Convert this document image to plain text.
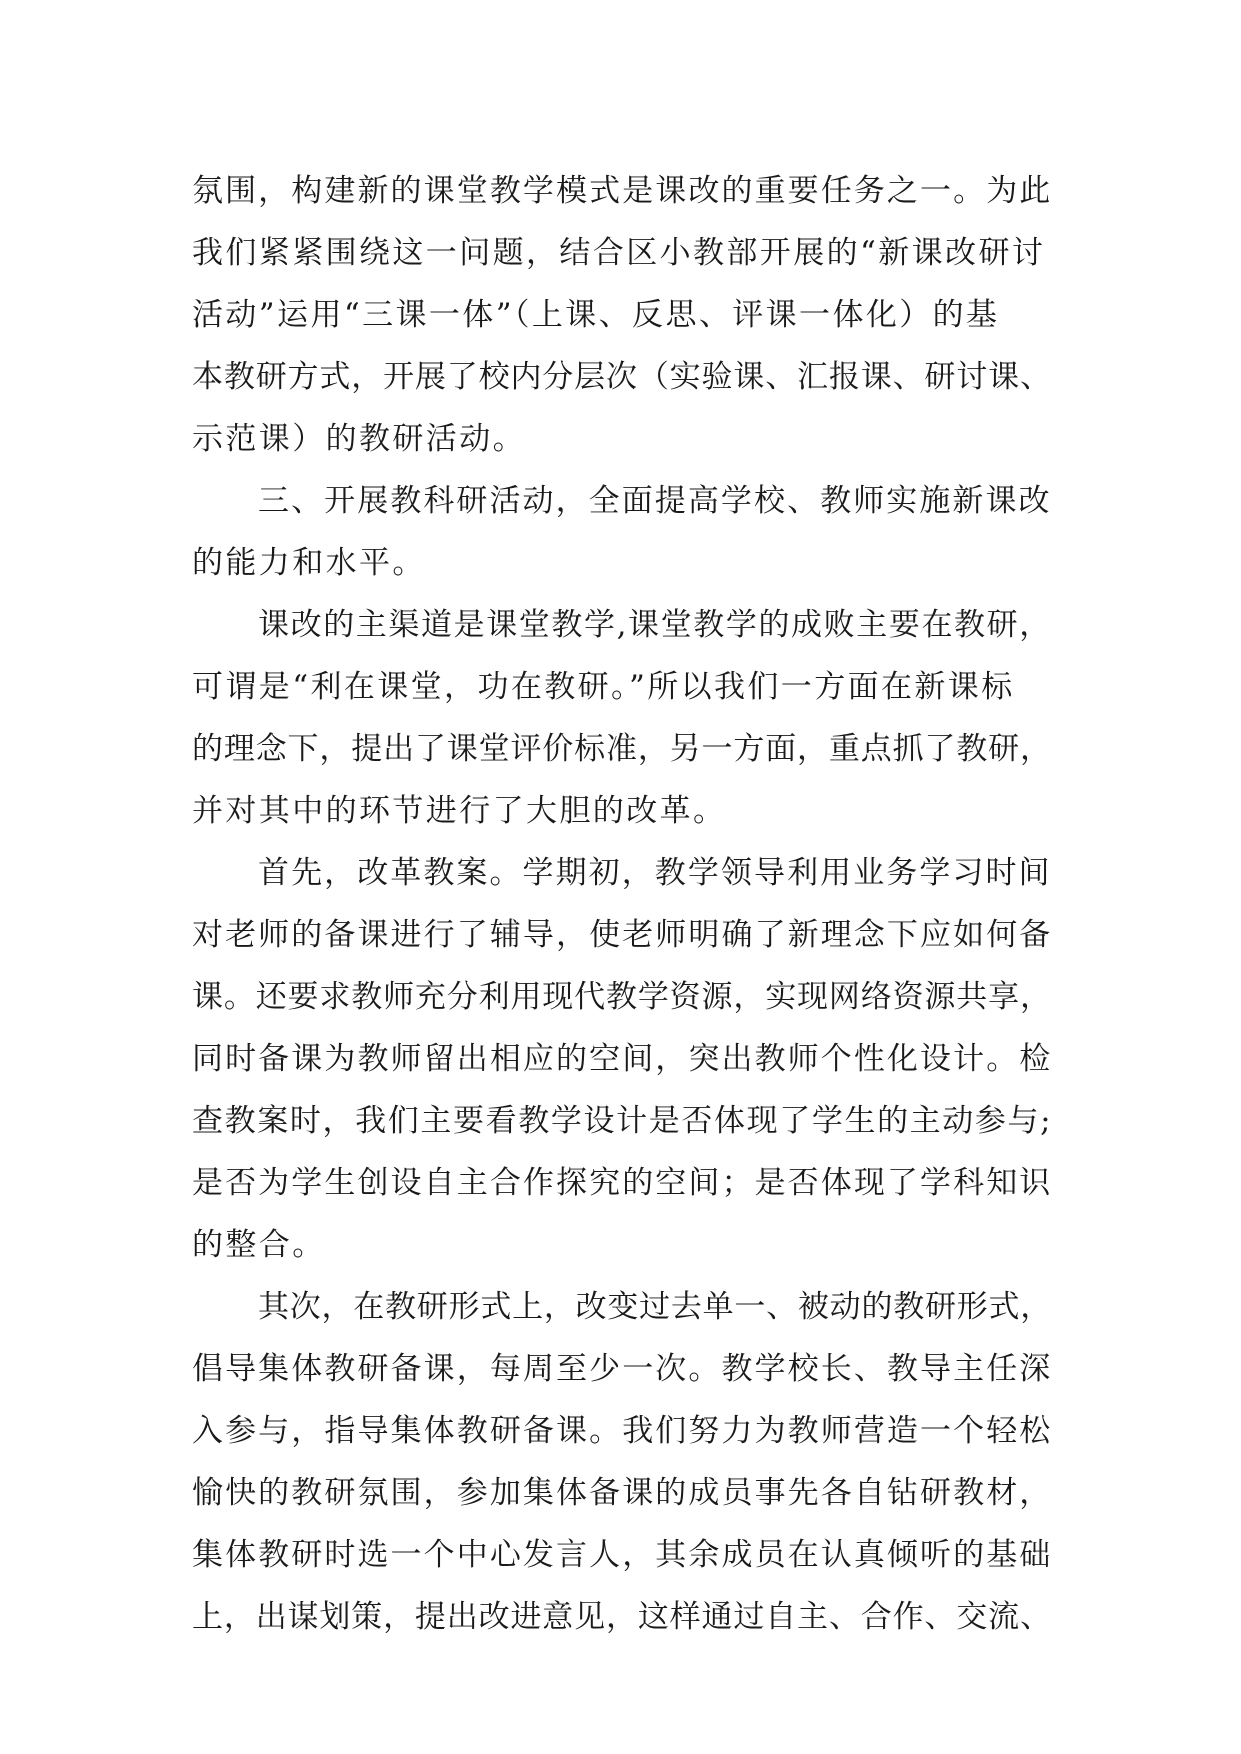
氛围，构建新的课堂教学模式是课改的重要任务之一。为此
我们紧紧围绕这一问题，结合区小教部开展的“新课改研讨
活动”运用“三课一体”（上课、反思、评课一体化）的基
本教研方式，开展了校内分层次（实验课、汇报课、研讨课、
示范课）的教研活动。
三、开展教科研活动，全面提高学校、教师实施新课改
的能力和水平。
课改的主渠道是课堂教学,课堂教学的成败主要在教研，
可谓是“利在课堂，功在教研。”所以我们一方面在新课标
的理念下，提出了课堂评价标准，另一方面，重点抓了教研，
并对其中的环节进行了大胆的改革。
首先，改革教案。学期初，教学领导利用业务学习时间
对老师的备课进行了辅导，使老师明确了新理念下应如何备
课。还要求教师充分利用现代教学资源，实现网络资源共享，
同时备课为教师留出相应的空间，突出教师个性化设计。检
查教案时，我们主要看教学设计是否体现了学生的主动参与;
是否为学生创设自主合作探究的空间；是否体现了学科知识
的整合。
其次，在教研形式上，改变过去单一、被动的教研形式，
倡导集体教研备课，每周至少一次。教学校长、教导主任深
入参与，指导集体教研备课。我们努力为教师营造一个轻松
愉快的教研氛围，参加集体备课的成员事先各自钻研教材，
集体教研时选一个中心发言人，其余成员在认真倾听的基础
上，出谋划策，提出改进意见，这样通过自主、合作、交流、
